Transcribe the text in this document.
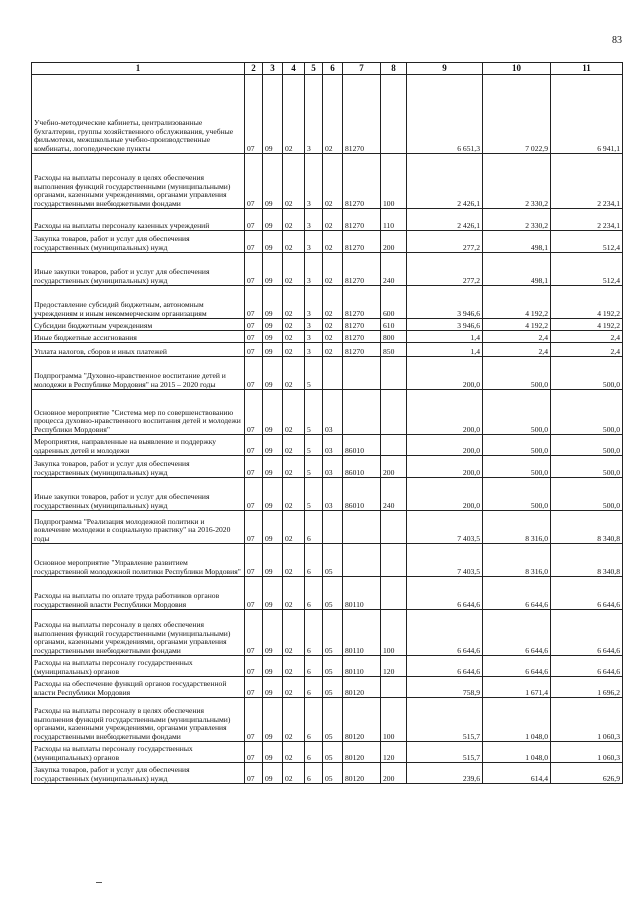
83
1	2	3	4	5	6	7	8	9	10	11
Учебно-методические кабинеты, централизованные бухгалтерии, группы хозяйственного обслуживания, учебные фильмотеки, межшкольные учебно-производственные комбинаты, логопедические пункты	07	09	02	3	02	81270		6 651,3	7 022,9	6 941,1
Расходы на выплаты персоналу в целях обеспечения выполнения функций государственными (муниципальными) органами, казенными учреждениями, органами управления государственными внебюджетными фондами	07	09	02	3	02	81270	100	2 426,1	2 330,2	2 234,1
Расходы на выплаты персоналу казенных учреждений	07	09	02	3	02	81270	110	2 426,1	2 330,2	2 234,1
Закупка товаров, работ и услуг для обеспечения государственных (муниципальных) нужд	07	09	02	3	02	81270	200	277,2	498,1	512,4
Иные закупки товаров, работ и услуг для обеспечения государственных (муниципальных) нужд	07	09	02	3	02	81270	240	277,2	498,1	512,4
Предоставление субсидий бюджетным, автономным учреждениям и иным некоммерческим организациям	07	09	02	3	02	81270	600	3 946,6	4 192,2	4 192,2
Субсидии бюджетным учреждениям	07	09	02	3	02	81270	610	3 946,6	4 192,2	4 192,2
Иные бюджетные ассигнования	07	09	02	3	02	81270	800	1,4	2,4	2,4
Уплата налогов, сборов и иных платежей	07	09	02	3	02	81270	850	1,4	2,4	2,4
Подпрограмма "Духовно-нравственное воспитание детей и молодежи в Республике Мордовия" на 2015 – 2020 годы	07	09	02	5				200,0	500,0	500,0
Основное мероприятие "Система мер по совершенствованию процесса духовно-нравственного воспитания детей и молодежи Республики Мордовия"	07	09	02	5	03			200,0	500,0	500,0
Мероприятия, направленные на выявление и поддержку одаренных детей и молодежи	07	09	02	5	03	86010		200,0	500,0	500,0
Закупка товаров, работ и услуг для обеспечения государственных (муниципальных) нужд	07	09	02	5	03	86010	200	200,0	500,0	500,0
Иные закупки товаров, работ и услуг для обеспечения государственных (муниципальных) нужд	07	09	02	5	03	86010	240	200,0	500,0	500,0
Подпрограмма "Реализация молодежной политики и вовлечение молодежи в социальную практику" на 2016-2020 годы	07	09	02	6				7 403,5	8 316,0	8 340,8
Основное мероприятие "Управление развитием государственной молодежной политики Республики Мордовия"	07	09	02	6	05			7 403,5	8 316,0	8 340,8
Расходы на выплаты по оплате труда работников органов государственной власти Республики Мордовия	07	09	02	6	05	80110		6 644,6	6 644,6	6 644,6
Расходы на выплаты персоналу в целях обеспечения выполнения функций государственными (муниципальными) органами, казенными учреждениями, органами управления государственными внебюджетными фондами	07	09	02	6	05	80110	100	6 644,6	6 644,6	6 644,6
Расходы на выплаты персоналу государственных (муниципальных) органов	07	09	02	6	05	80110	120	6 644,6	6 644,6	6 644,6
Расходы на обеспечение функций органов государственной власти Республики Мордовия	07	09	02	6	05	80120		758,9	1 671,4	1 696,2
Расходы на выплаты персоналу в целях обеспечения выполнения функций государственными (муниципальными) органами, казенными учреждениями, органами управления государственными внебюджетными фондами	07	09	02	6	05	80120	100	515,7	1 048,0	1 060,3
Расходы на выплаты персоналу государственных (муниципальных) органов	07	09	02	6	05	80120	120	515,7	1 048,0	1 060,3
Закупка товаров, работ и услуг для обеспечения государственных (муниципальных) нужд	07	09	02	6	05	80120	200	239,6	614,4	626,9
